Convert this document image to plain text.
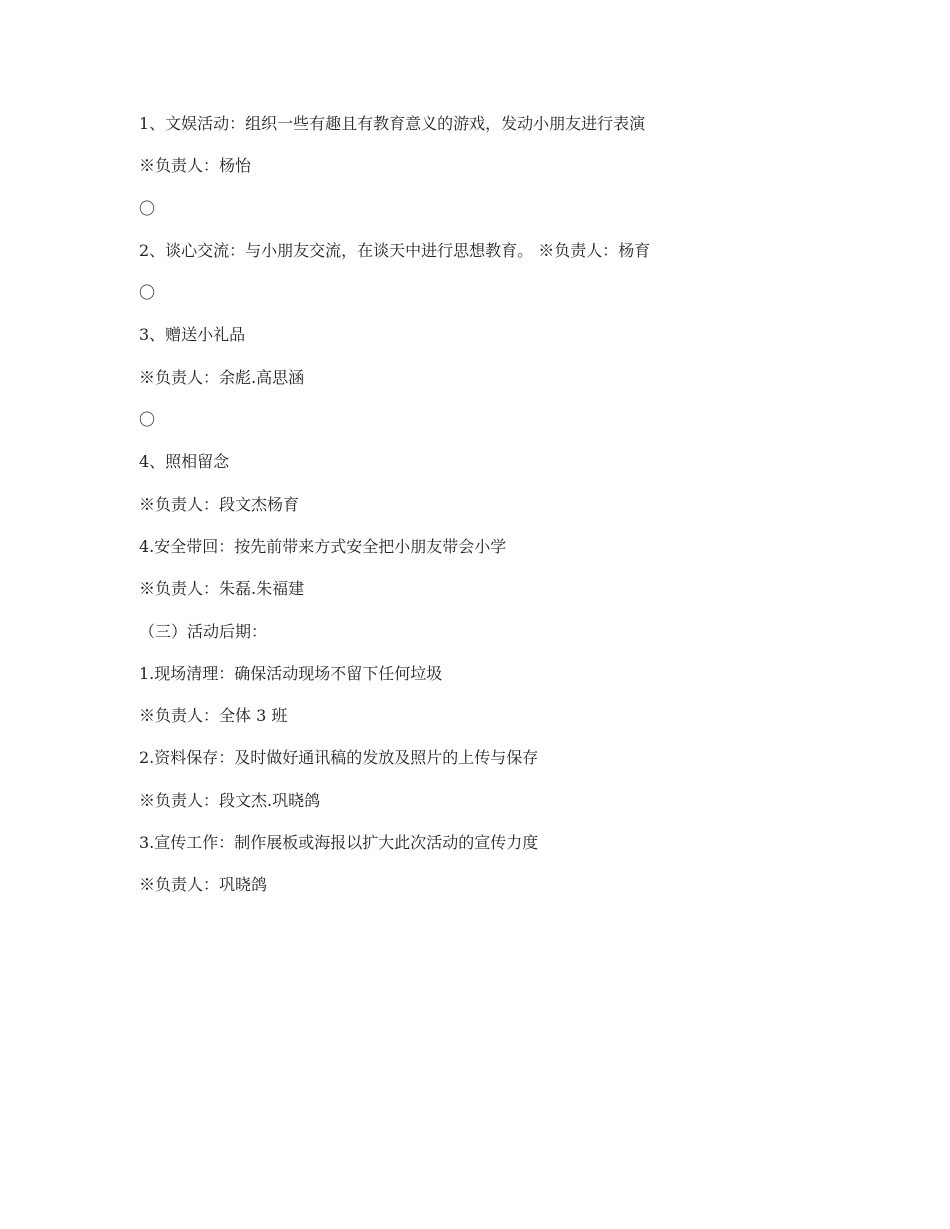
1、文娱活动：组织一些有趣且有教育意义的游戏，发动小朋友进行表演
※负责人：杨怡
〇
2、谈心交流：与小朋友交流，在谈天中进行思想教育。 ※负责人：杨育
〇
3、赠送小礼品
※负责人：余彪.高思涵
〇
4、照相留念
※负责人：段文杰杨育
4.安全带回：按先前带来方式安全把小朋友带会小学
※负责人：朱磊.朱福建
（三）活动后期：
1.现场清理：确保活动现场不留下任何垃圾
※负责人：全体 3 班
2.资料保存：及时做好通讯稿的发放及照片的上传与保存
※负责人：段文杰.巩晓鸽
3.宣传工作：制作展板或海报以扩大此次活动的宣传力度
※负责人：巩晓鸽
